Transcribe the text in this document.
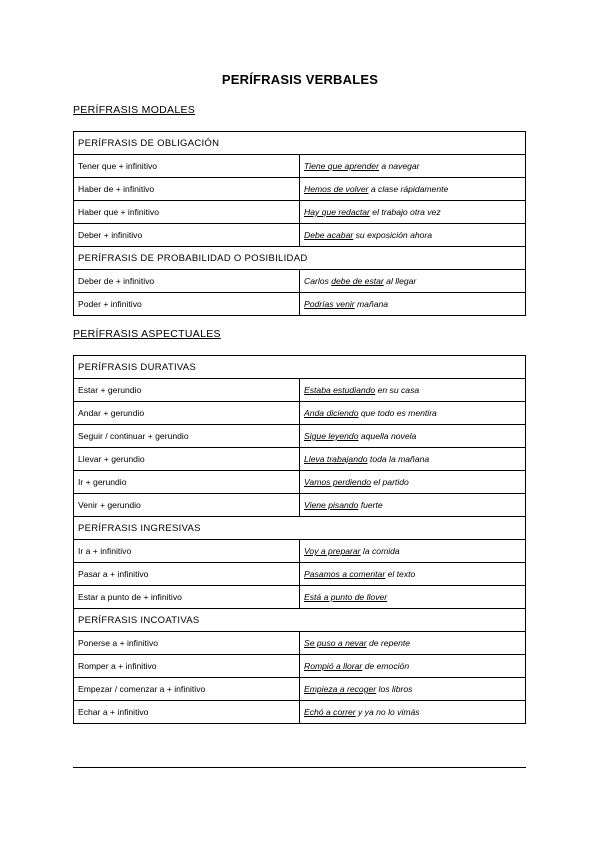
PERÍFRASIS VERBALES
PERÍFRASIS MODALES
PERÍFRASIS DE OBLIGACIÓN	
Tener que + infinitivo	Tiene que aprender a navegar
Haber de + infinitivo	Hemos de volver a clase rápidamente
Haber que + infinitivo	Hay que redactar el trabajo otra vez
Deber + infinitivo	Debe acabar su exposición ahora
PERÍFRASIS DE PROBABILIDAD O POSIBILIDAD	
Deber de + infinitivo	Carlos debe de estar al llegar
Poder + infinitivo	Podrías venir mañana
PERÍFRASIS ASPECTUALES
PERÍFRASIS DURATIVAS	
Estar + gerundio	Estaba estudiando en su casa
Andar + gerundio	Anda diciendo que todo es mentira
Seguir / continuar + gerundio	Sigue leyendo aquella novela
Llevar + gerundio	Lleva trabajando toda la mañana
Ir + gerundio	Vamos perdiendo el partido
Venir + gerundio	Viene pisando fuerte
PERÍFRASIS INGRESIVAS	
Ir a + infinitivo	Voy a preparar la comida
Pasar a + infinitivo	Pasamos a comentar el texto
Estar a punto de + infinitivo	Está a punto de llover
PERÍFRASIS INCOATIVAS	
Ponerse a + infinitivo	Se puso a nevar de repente
Romper a + infinitivo	Rompió a llorar de emoción
Empezar / comenzar a + infinitivo	Empieza a recoger los libros
Echar a + infinitivo	Echó a correr y ya no lo vimás
